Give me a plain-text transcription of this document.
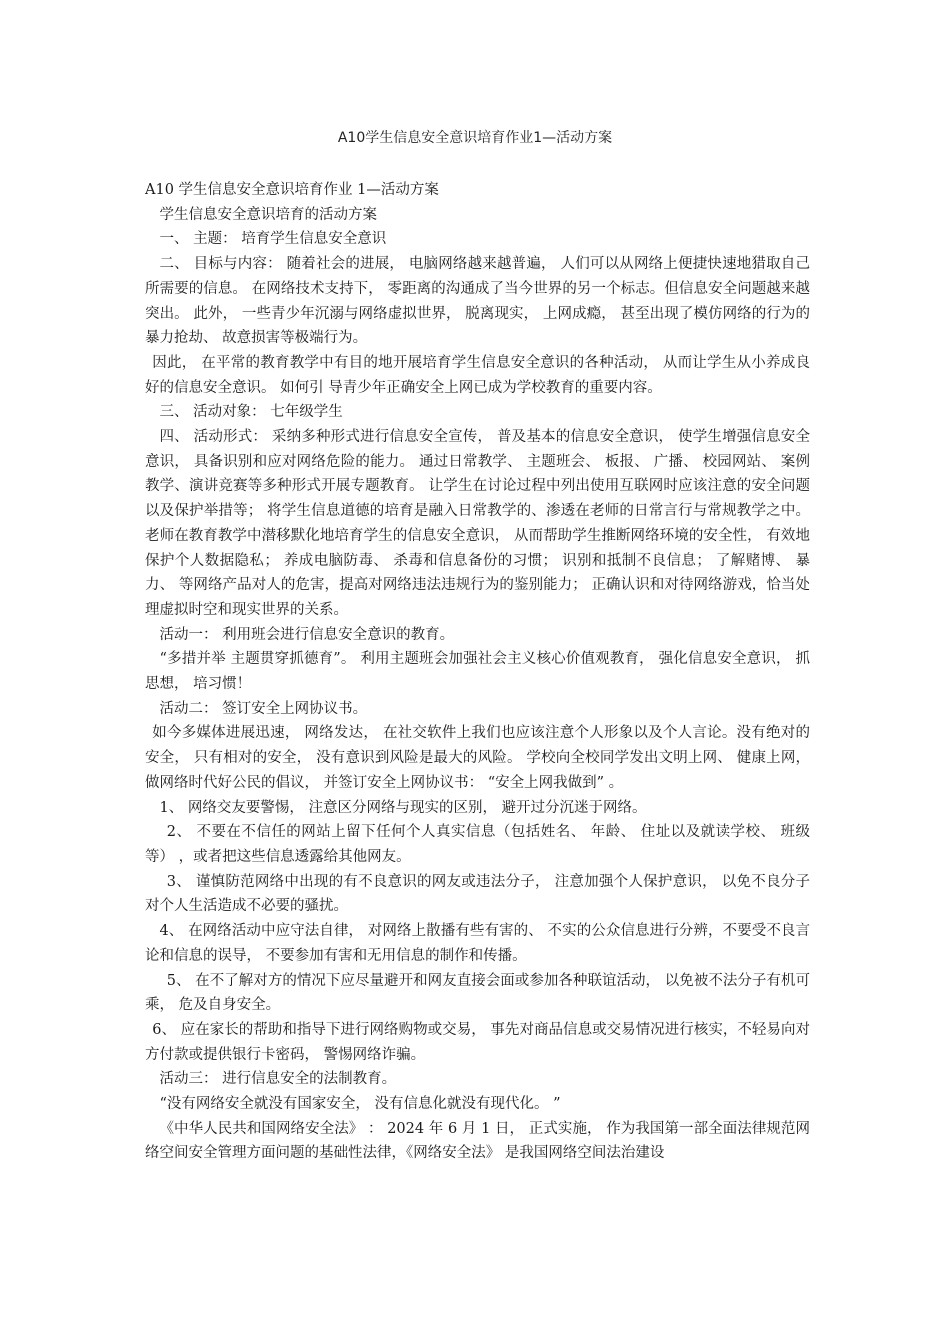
A10学生信息安全意识培育作业1—活动方案

A10 学生信息安全意识培育作业 1—活动方案

学生信息安全意识培育的活动方案

一、 主题： 培育学生信息安全意识

二、 目标与内容： 随着社会的进展， 电脑网络越来越普遍， 人们可以从网络上便捷快速地猎取自己所需要的信息。 在网络技术支持下， 零距离的沟通成了当今世界的另一个标志。但信息安全问题越来越突出。 此外， 一些青少年沉溺与网络虚拟世界， 脱离现实， 上网成瘾， 甚至出现了模仿网络的行为的暴力抢劫、 故意损害等极端行为。

因此， 在平常的教育教学中有目的地开展培育学生信息安全意识的各种活动， 从而让学生从小养成良好的信息安全意识。 如何引 导青少年正确安全上网已成为学校教育的重要内容。

三、 活动对象： 七年级学生

四、 活动形式： 采纳多种形式进行信息安全宣传， 普及基本的信息安全意识， 使学生增强信息安全意识， 具备识别和应对网络危险的能力。 通过日常教学、 主题班会、 板报、 广播、 校园网站、 案例教学、演讲竞赛等多种形式开展专题教育。 让学生在讨论过程中列出使用互联网时应该注意的安全问题以及保护举措等； 将学生信息道德的培育是融入日常教学的、渗透在老师的日常言行与常规教学之中。 老师在教育教学中潜移默化地培育学生的信息安全意识， 从而帮助学生推断网络环境的安全性， 有效地保护个人数据隐私； 养成电脑防毒、 杀毒和信息备份的习惯； 识别和抵制不良信息； 了解赌博、 暴力、 等网络产品对人的危害，提高对网络违法违规行为的鉴别能力； 正确认识和对待网络游戏，恰当处理虚拟时空和现实世界的关系。

活动一： 利用班会进行信息安全意识的教育。

“多措并举 主题贯穿抓德育”。 利用主题班会加强社会主义核心价值观教育， 强化信息安全意识， 抓思想， 培习惯！

活动二： 签订安全上网协议书。

如今多媒体进展迅速， 网络发达， 在社交软件上我们也应该注意个人形象以及个人言论。没有绝对的安全， 只有相对的安全， 没有意识到风险是最大的风险。 学校向全校同学发出文明上网、 健康上网，做网络时代好公民的倡议， 并签订安全上网协议书： “安全上网我做到” 。

1、 网络交友要警惕， 注意区分网络与现实的区别， 避开过分沉迷于网络。

2、 不要在不信任的网站上留下任何个人真实信息（包括姓名、 年龄、 住址以及就读学校、 班级等） ，或者把这些信息透露给其他网友。

3、 谨慎防范网络中出现的有不良意识的网友或违法分子， 注意加强个人保护意识， 以免不良分子对个人生活造成不必要的骚扰。

4、 在网络活动中应守法自律， 对网络上散播有些有害的、 不实的公众信息进行分辨，不要受不良言论和信息的误导， 不要参加有害和无用信息的制作和传播。

5、 在不了解对方的情况下应尽量避开和网友直接会面或参加各种联谊活动， 以免被不法分子有机可乘， 危及自身安全。

6、 应在家长的帮助和指导下进行网络购物或交易， 事先对商品信息或交易情况进行核实，不轻易向对方付款或提供银行卡密码， 警惕网络诈骗。

活动三： 进行信息安全的法制教育。

“没有网络安全就没有国家安全， 没有信息化就没有现代化。 ”

《中华人民共和国网络安全法》 ： 2024 年 6 月 1 日， 正式实施， 作为我国第一部全面法律规范网络空间安全管理方面问题的基础性法律，《网络安全法》 是我国网络空间法治建设
